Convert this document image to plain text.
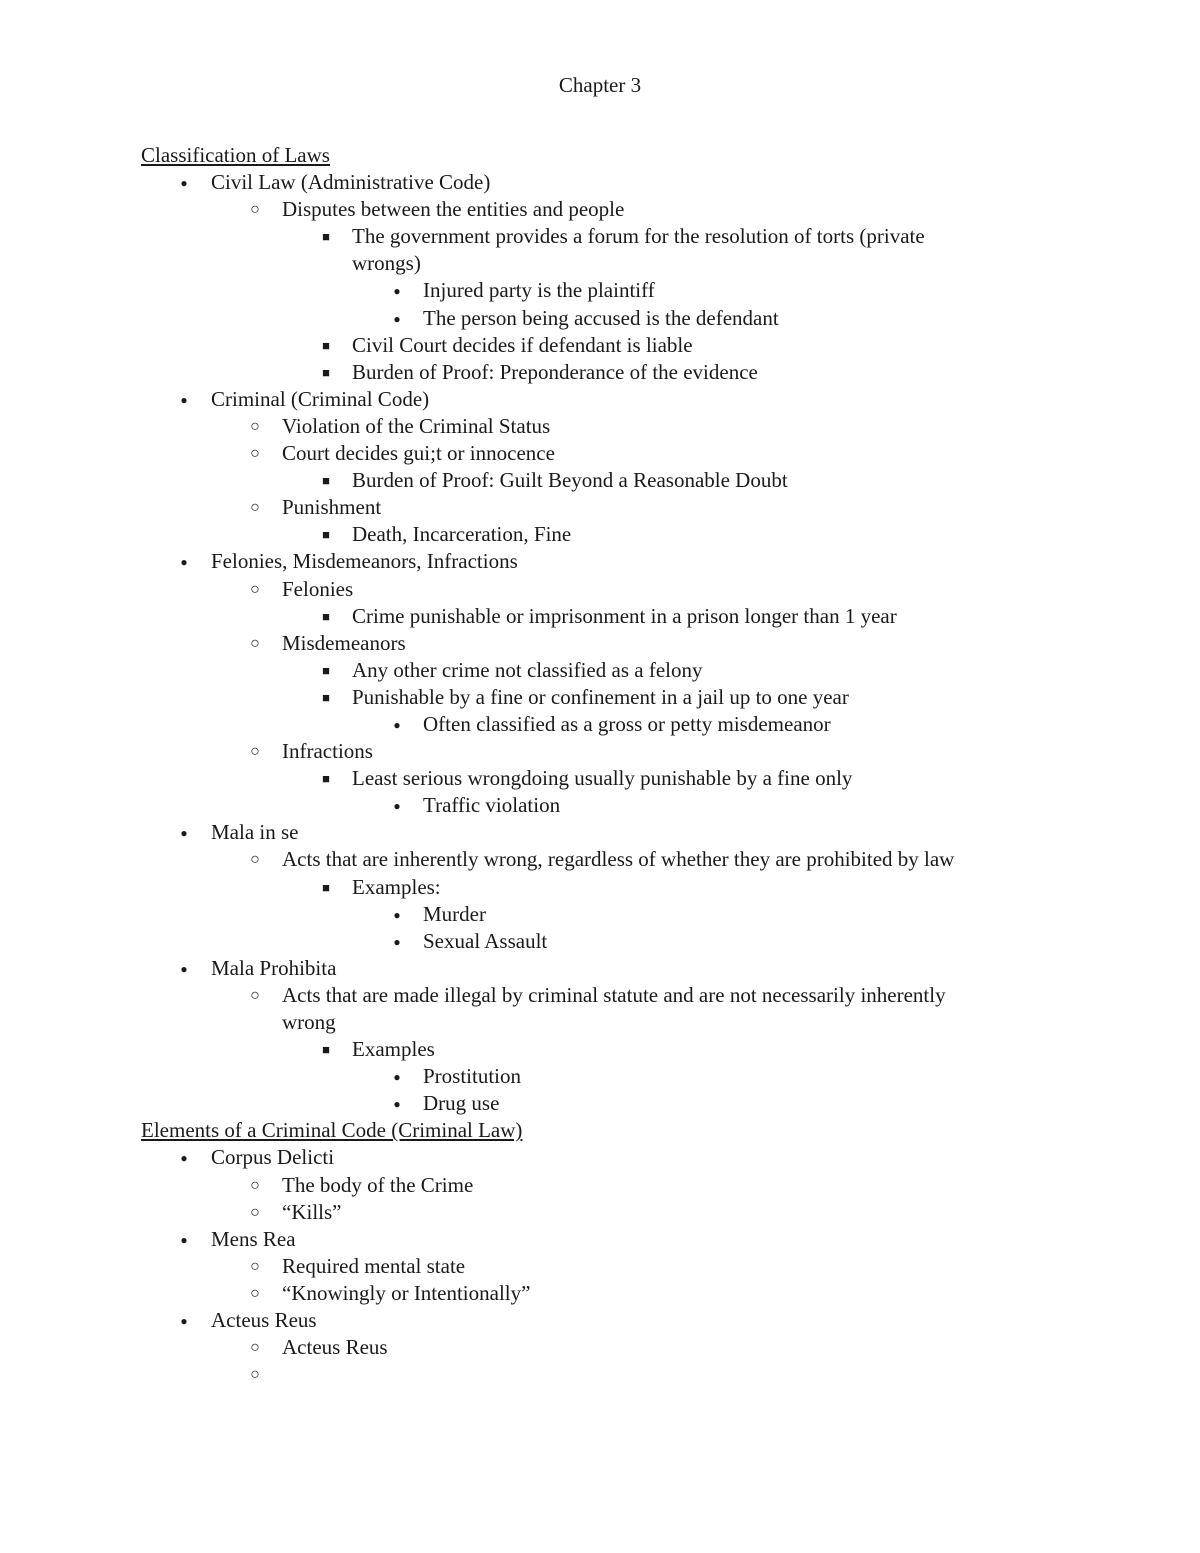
Chapter 3
Classification of Laws
●
Civil Law (Administrative Code)
○
Disputes between the entities and people
■
The government provides a forum for the resolution of torts (private
wrongs)
●
Injured party is the plaintiff
●
The person being accused is the defendant
■
Civil Court decides if defendant is liable
■
Burden of Proof: Preponderance of the evidence
●
Criminal (Criminal Code)
○
Violation of the Criminal Status
○
Court decides gui;t or innocence
■
Burden of Proof: Guilt Beyond a Reasonable Doubt
○
Punishment
■
Death, Incarceration, Fine
●
Felonies, Misdemeanors, Infractions
○
Felonies
■
Crime punishable or imprisonment in a prison longer than 1 year
○
Misdemeanors
■
Any other crime not classified as a felony
■
Punishable by a fine or confinement in a jail up to one year
●
Often classified as a gross or petty misdemeanor
○
Infractions
■
Least serious wrongdoing usually punishable by a fine only
●
Traffic violation
●
Mala in se
○
Acts that are inherently wrong, regardless of whether they are prohibited by law
■
Examples:
●
Murder
●
Sexual Assault
●
Mala Prohibita
○
Acts that are made illegal by criminal statute and are not necessarily inherently
wrong
■
Examples
●
Prostitution
●
Drug use
Elements of a Criminal Code (Criminal Law)
●
Corpus Delicti
○
The body of the Crime
○
“Kills”
●
Mens Rea
○
Required mental state
○
“Knowingly or Intentionally”
●
Acteus Reus
○
Acteus Reus
○
